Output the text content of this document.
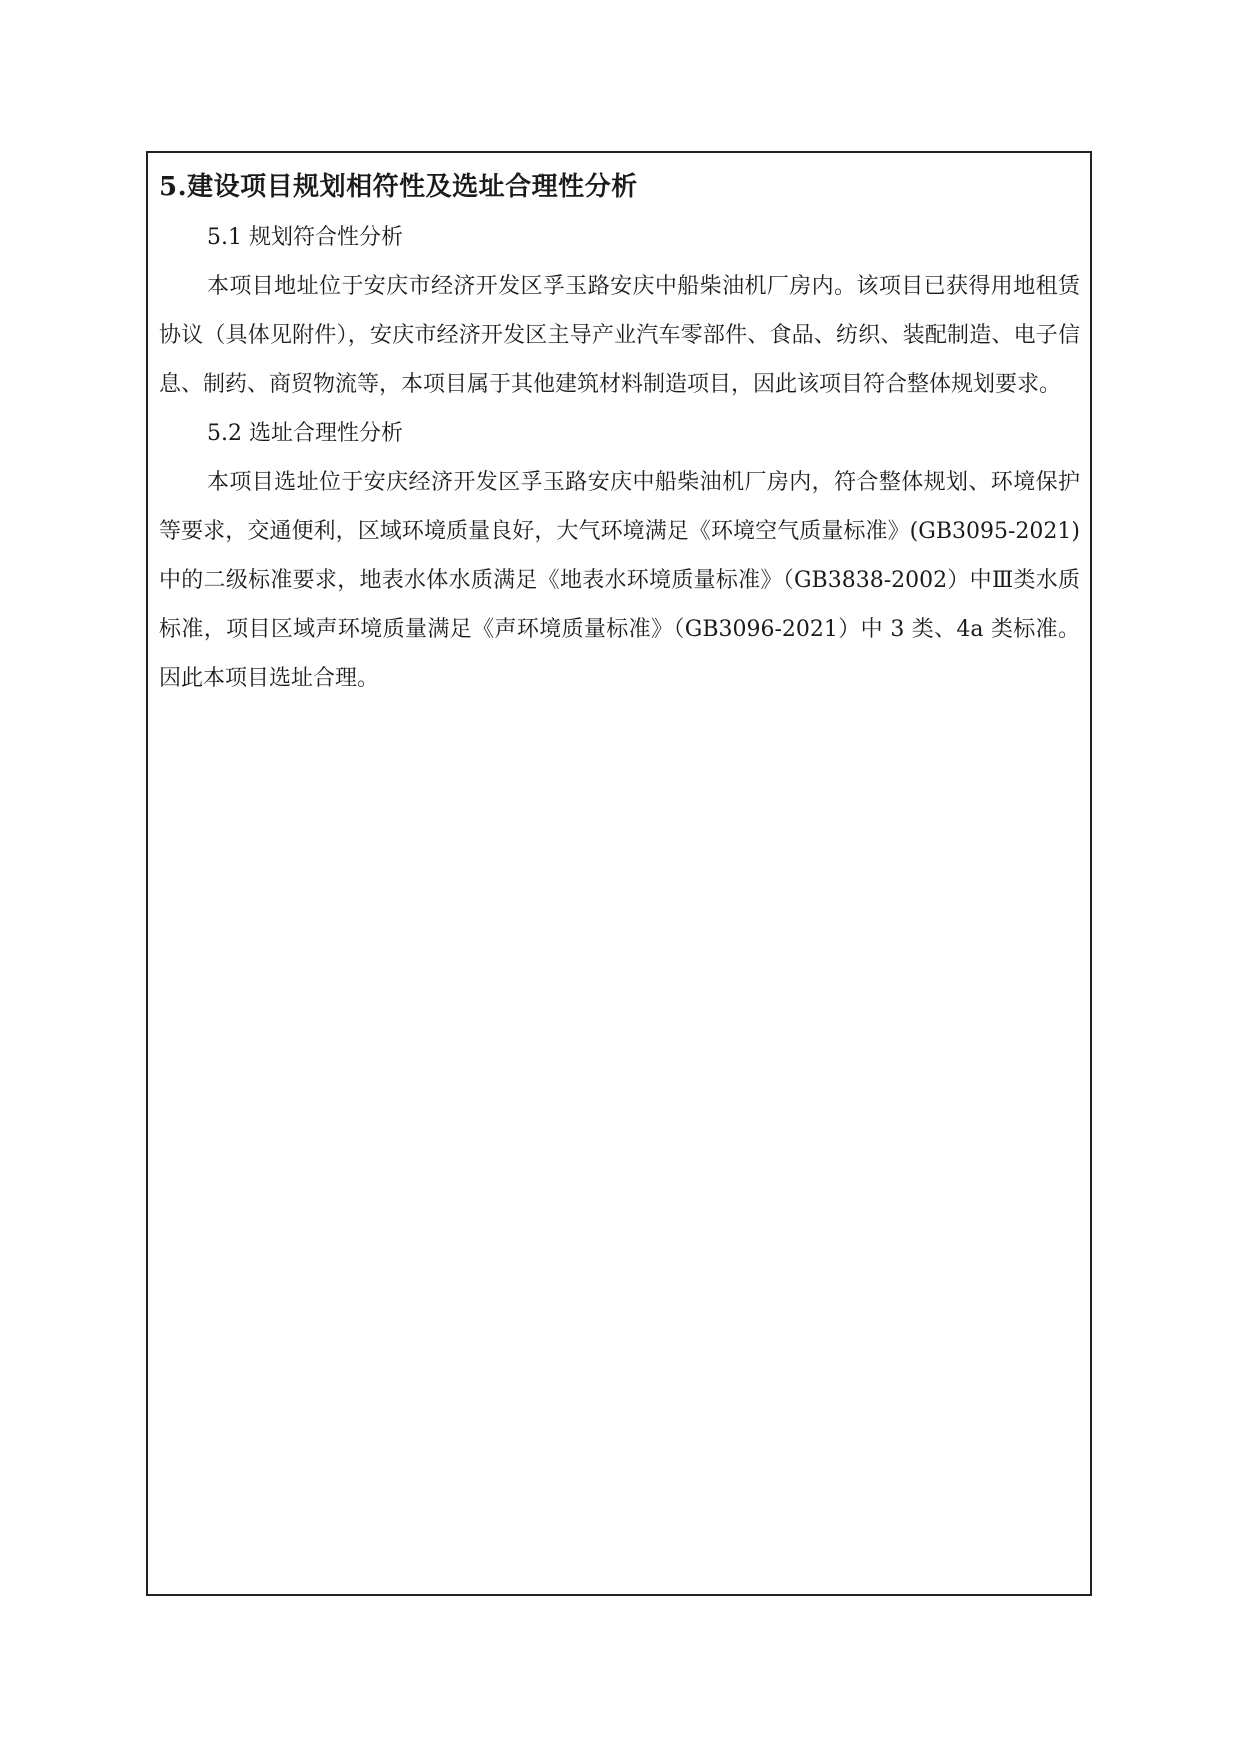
5.建设项目规划相符性及选址合理性分析

5.1 规划符合性分析

本项目地址位于安庆市经济开发区孚玉路安庆中船柴油机厂房内。该项目已获得用地租赁协议（具体见附件），安庆市经济开发区主导产业汽车零部件、食品、纺织、装配制造、电子信息、制药、商贸物流等，本项目属于其他建筑材料制造项目，因此该项目符合整体规划要求。

5.2 选址合理性分析

本项目选址位于安庆经济开发区孚玉路安庆中船柴油机厂房内，符合整体规划、环境保护等要求，交通便利，区域环境质量良好，大气环境满足《环境空气质量标准》(GB3095-2021) 中的二级标准要求，地表水体水质满足《地表水环境质量标准》（GB3838-2002）中Ⅲ类水质标准，项目区域声环境质量满足《声环境质量标准》（GB3096-2021）中 3 类、4a 类标准。因此本项目选址合理。
